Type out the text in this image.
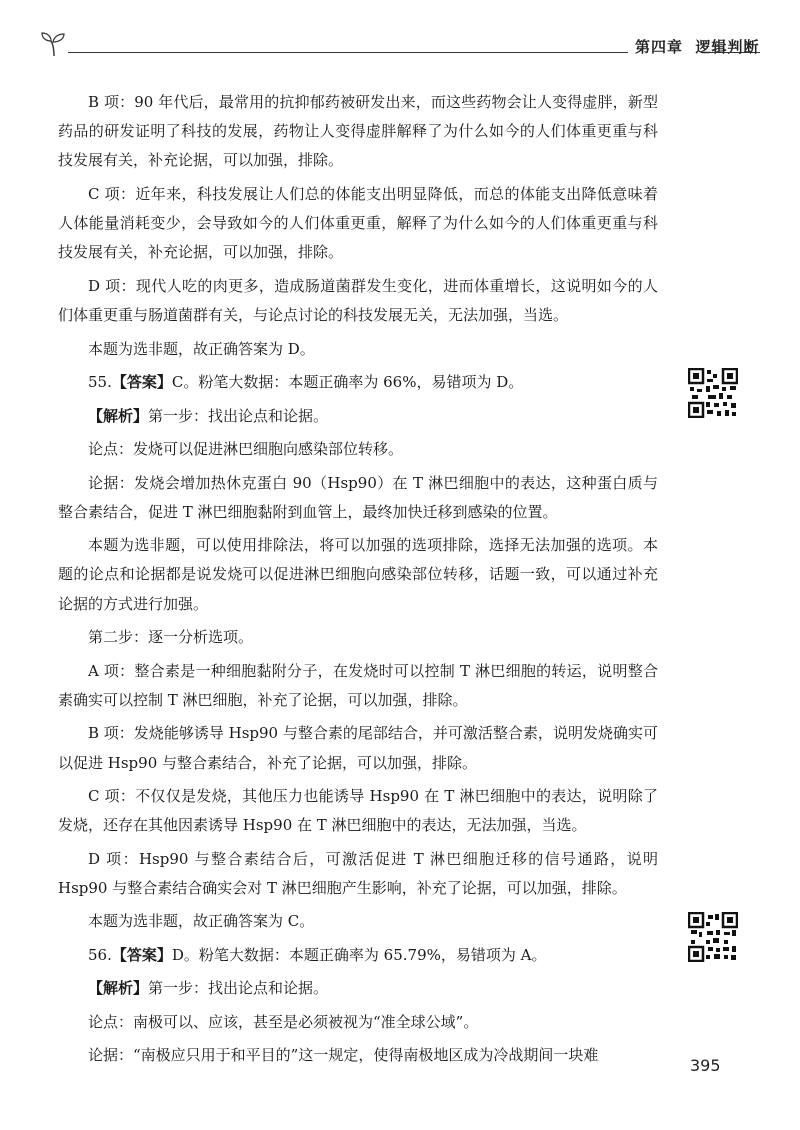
第四章 逻辑判断

B 项：90 年代后，最常用的抗抑郁药被研发出来，而这些药物会让人变得虚胖，新型药品的研发证明了科技的发展，药物让人变得虚胖解释了为什么如今的人们体重更重与科技发展有关，补充论据，可以加强，排除。

C 项：近年来，科技发展让人们总的体能支出明显降低，而总的体能支出降低意味着人体能量消耗变少，会导致如今的人们体重更重，解释了为什么如今的人们体重更重与科技发展有关，补充论据，可以加强，排除。

D 项：现代人吃的肉更多，造成肠道菌群发生变化，进而体重增长，这说明如今的人们体重更重与肠道菌群有关，与论点讨论的科技发展无关，无法加强，当选。

本题为选非题，故正确答案为 D。

55.【答案】C。粉笔大数据：本题正确率为 66%，易错项为 D。

【解析】第一步：找出论点和论据。

论点：发烧可以促进淋巴细胞向感染部位转移。

论据：发烧会增加热休克蛋白 90（Hsp90）在 T 淋巴细胞中的表达，这种蛋白质与整合素结合，促进 T 淋巴细胞黏附到血管上，最终加快迁移到感染的位置。

本题为选非题，可以使用排除法，将可以加强的选项排除，选择无法加强的选项。本题的论点和论据都是说发烧可以促进淋巴细胞向感染部位转移，话题一致，可以通过补充论据的方式进行加强。

第二步：逐一分析选项。

A 项：整合素是一种细胞黏附分子，在发烧时可以控制 T 淋巴细胞的转运，说明整合素确实可以控制 T 淋巴细胞，补充了论据，可以加强，排除。

B 项：发烧能够诱导 Hsp90 与整合素的尾部结合，并可激活整合素，说明发烧确实可以促进 Hsp90 与整合素结合，补充了论据，可以加强，排除。

C 项：不仅仅是发烧，其他压力也能诱导 Hsp90 在 T 淋巴细胞中的表达，说明除了发烧，还存在其他因素诱导 Hsp90 在 T 淋巴细胞中的表达，无法加强，当选。

D 项：Hsp90 与整合素结合后，可激活促进 T 淋巴细胞迁移的信号通路，说明Hsp90 与整合素结合确实会对 T 淋巴细胞产生影响，补充了论据，可以加强，排除。

本题为选非题，故正确答案为 C。

56.【答案】D。粉笔大数据：本题正确率为 65.79%，易错项为 A。

【解析】第一步：找出论点和论据。

论点：南极可以、应该，甚至是必须被视为“准全球公域”。

论据：“南极应只用于和平目的”这一规定，使得南极地区成为冷战期间一块难

395
